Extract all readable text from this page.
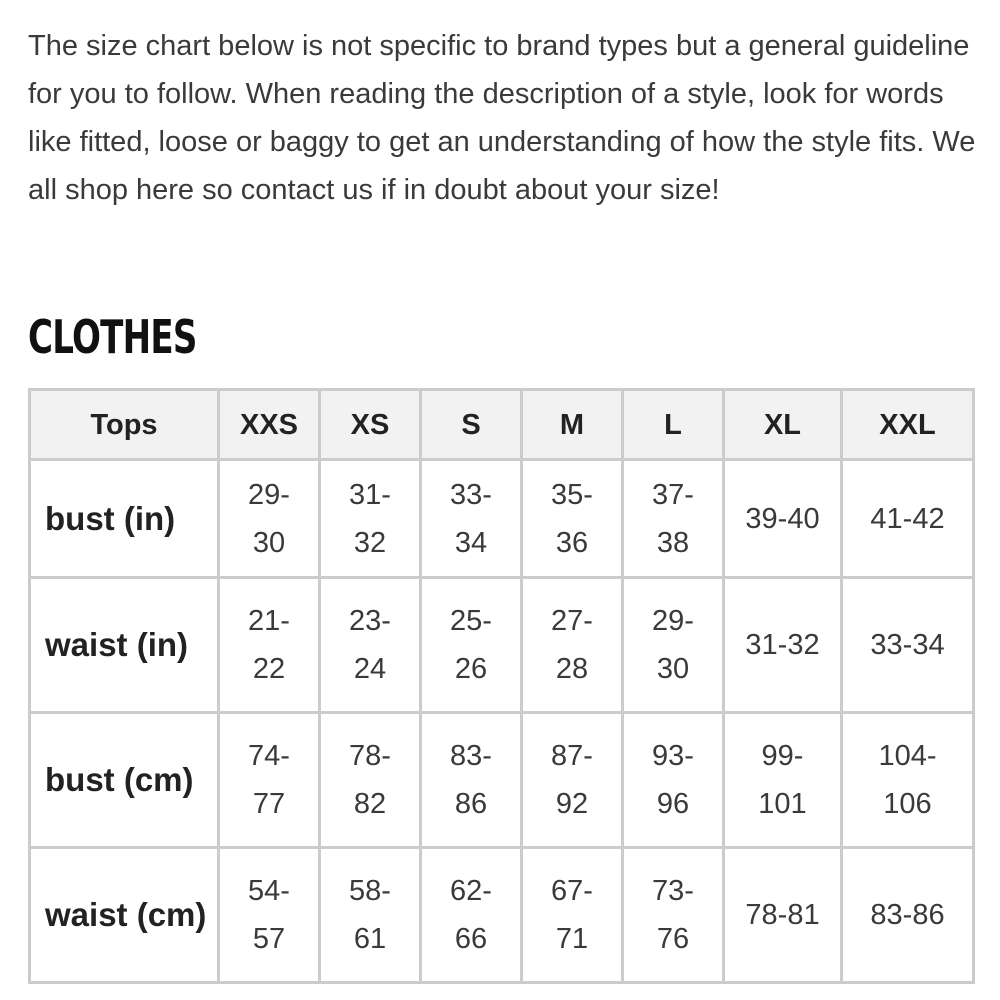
The size chart below is not specific to brand types but a general guideline for you to follow. When reading the description of a style, look for words like fitted, loose or baggy to get an understanding of how the style fits. We all shop here so contact us if in doubt about your size!

CLOTHES
Tops	XXS	XS	S	M	L	XL	XXL
bust (in)	29-30	31-32	33-34	35-36	37-38	39-40	41-42

waist (in)	21-22	23-24	25-26	27-28	29-30	31-32	33-34

bust (cm)	74-77	78-82	83-86	87-92	93-96	99-101	104-106

waist (cm)	54-57	58-61	62-66	67-71	73-76	78-81	83-86
